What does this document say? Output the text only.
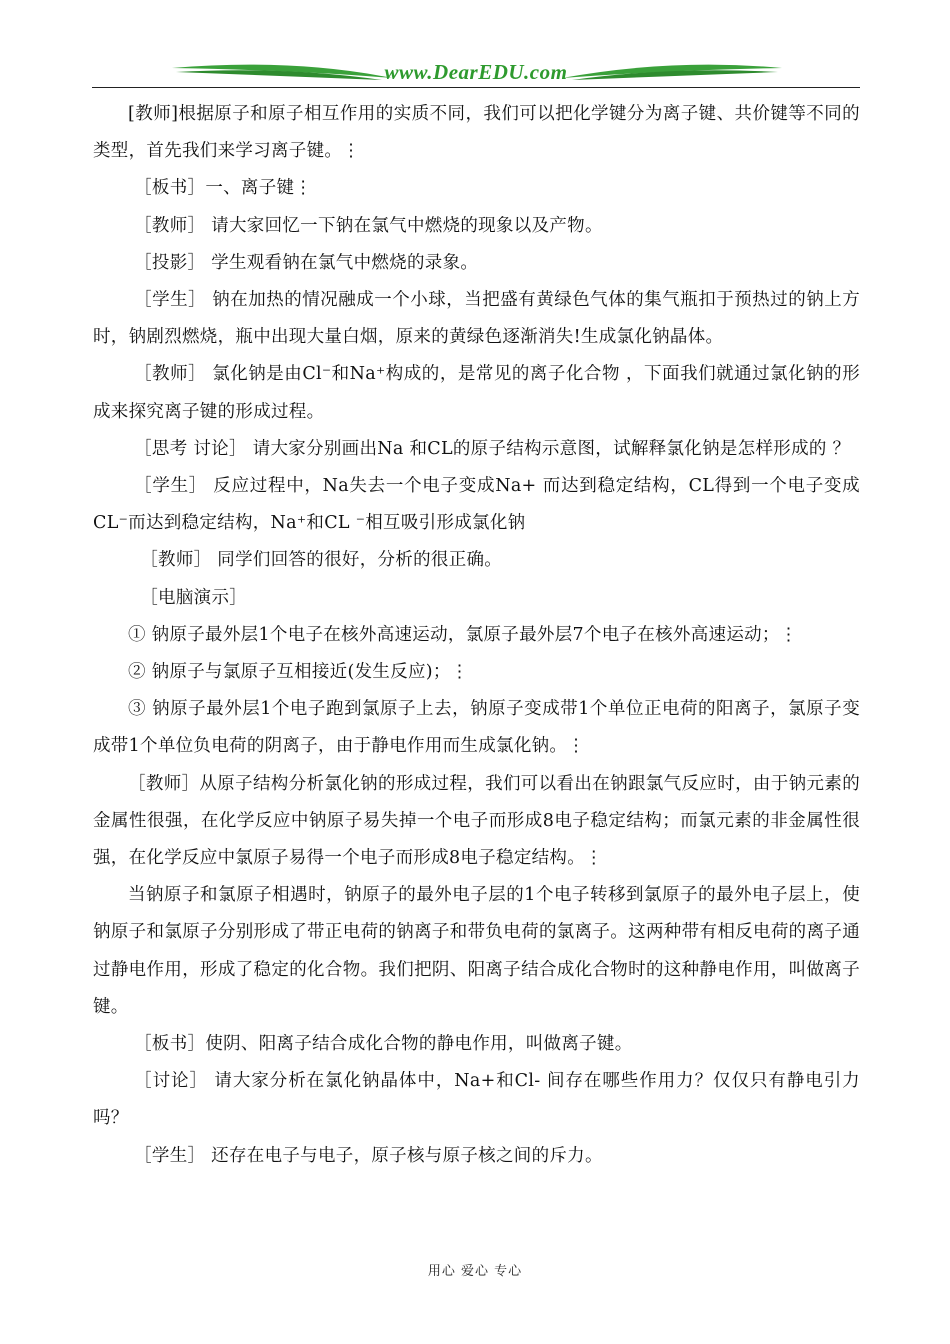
www.DearEDU.com

[教师]根据原子和原子相互作用的实质不同，我们可以把化学键分为离子键、共价键等不同的类型，首先我们来学习离子键。⋮

［板书］一、离子键⋮

［教师］ 请大家回忆一下钠在氯气中燃烧的现象以及产物。

［投影］ 学生观看钠在氯气中燃烧的录象。

［学生］ 钠在加热的情况融成一个小球，当把盛有黄绿色气体的集气瓶扣于预热过的钠上方时，钠剧烈燃烧，瓶中出现大量白烟，原来的黄绿色逐渐消失!生成氯化钠晶体。

［教师］ 氯化钠是由Cl⁻和Na⁺构成的，是常见的离子化合物 ，下面我们就通过氯化钠的形成来探究离子键的形成过程。

［思考 讨论］ 请大家分别画出Na 和CL的原子结构示意图，试解释氯化钠是怎样形成的 ？

［学生］ 反应过程中，Na失去一个电子变成Na+ 而达到稳定结构，CL得到一个电子变成CL⁻而达到稳定结构，Na⁺和CL ⁻相互吸引形成氯化钠

［教师］ 同学们回答的很好，分析的很正确。

［电脑演示］

① 钠原子最外层1个电子在核外高速运动，氯原子最外层7个电子在核外高速运动；⋮

② 钠原子与氯原子互相接近(发生反应)；⋮

③ 钠原子最外层1个电子跑到氯原子上去，钠原子变成带1个单位正电荷的阳离子，氯原子变成带1个单位负电荷的阴离子，由于静电作用而生成氯化钠。⋮

［教师］从原子结构分析氯化钠的形成过程，我们可以看出在钠跟氯气反应时，由于钠元素的金属性很强，在化学反应中钠原子易失掉一个电子而形成8电子稳定结构；而氯元素的非金属性很强，在化学反应中氯原子易得一个电子而形成8电子稳定结构。⋮

当钠原子和氯原子相遇时，钠原子的最外电子层的1个电子转移到氯原子的最外电子层上，使钠原子和氯原子分别形成了带正电荷的钠离子和带负电荷的氯离子。这两种带有相反电荷的离子通过静电作用，形成了稳定的化合物。我们把阴、阳离子结合成化合物时的这种静电作用，叫做离子键。

［板书］使阴、阳离子结合成化合物的静电作用，叫做离子键。

［讨论］ 请大家分析在氯化钠晶体中，Na+和Cl- 间存在哪些作用力？仅仅只有静电引力吗？

［学生］ 还存在电子与电子，原子核与原子核之间的斥力。

用心 爱心 专心
